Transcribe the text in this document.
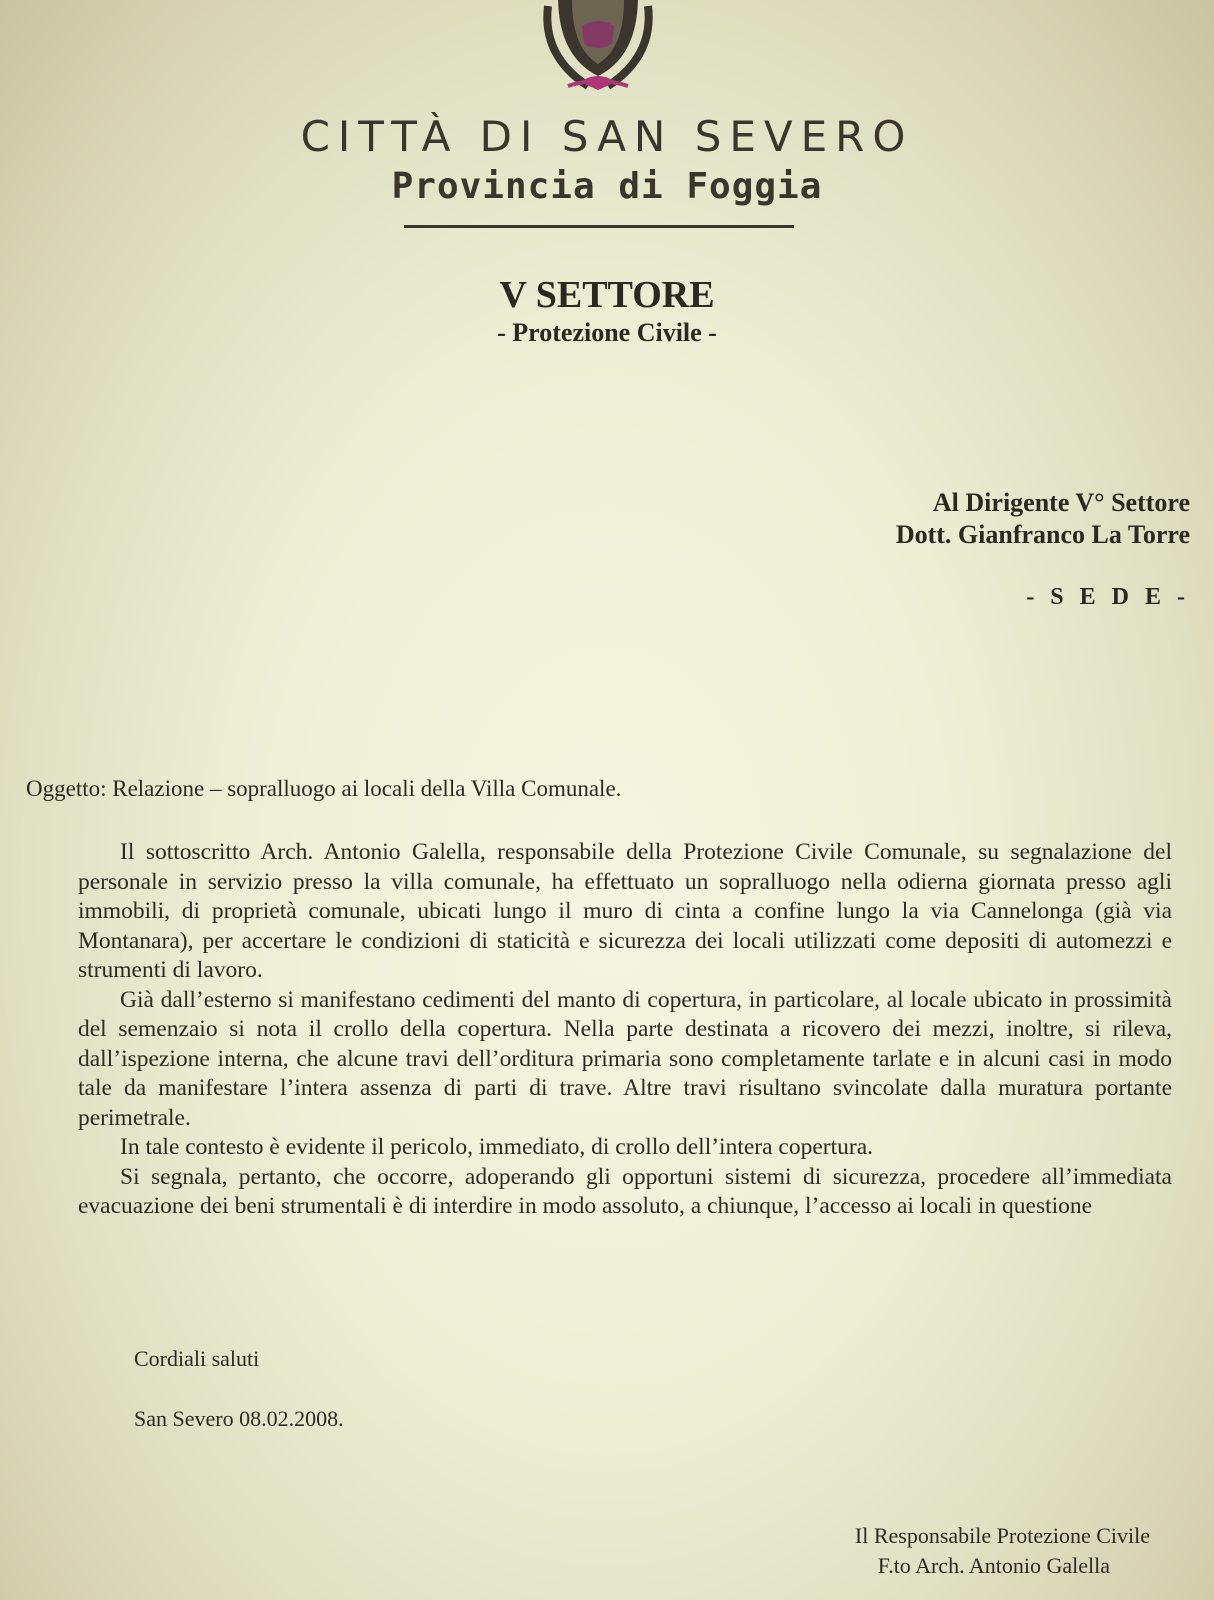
CITTÀ DI SAN SEVERO
Provincia di Foggia
V SETTORE
- Protezione Civile -
Al Dirigente V° Settore
Dott. Gianfranco La Torre
- S E D E -
Oggetto: Relazione – sopralluogo ai locali della Villa Comunale.

Il sottoscritto Arch. Antonio Galella, responsabile della Protezione Civile Comunale, su segnalazione del personale in servizio presso la villa comunale, ha effettuato un sopralluogo nella odierna giornata presso agli immobili, di proprietà comunale, ubicati lungo il muro di cinta a confine lungo la via Cannelonga (già via Montanara), per accertare le condizioni di staticità e sicurezza dei locali utilizzati come depositi di automezzi e strumenti di lavoro.

Già dall’esterno si manifestano cedimenti del manto di copertura, in particolare, al locale ubicato in prossimità del semenzaio si nota il crollo della copertura. Nella parte destinata a ricovero dei mezzi, inoltre, si rileva, dall’ispezione interna, che alcune travi dell’orditura primaria sono completamente tarlate e in alcuni casi in modo tale da manifestare l’intera assenza di parti di trave. Altre travi risultano svincolate dalla muratura portante perimetrale.

In tale contesto è evidente il pericolo, immediato, di crollo dell’intera copertura.

Si segnala, pertanto, che occorre, adoperando gli opportuni sistemi di sicurezza, procedere all’immediata evacuazione dei beni strumentali è di interdire in modo assoluto, a chiunque, l’accesso ai locali in questione

Cordiali saluti
San Severo 08.02.2008.
Il Responsabile Protezione Civile
F.to Arch. Antonio Galella
